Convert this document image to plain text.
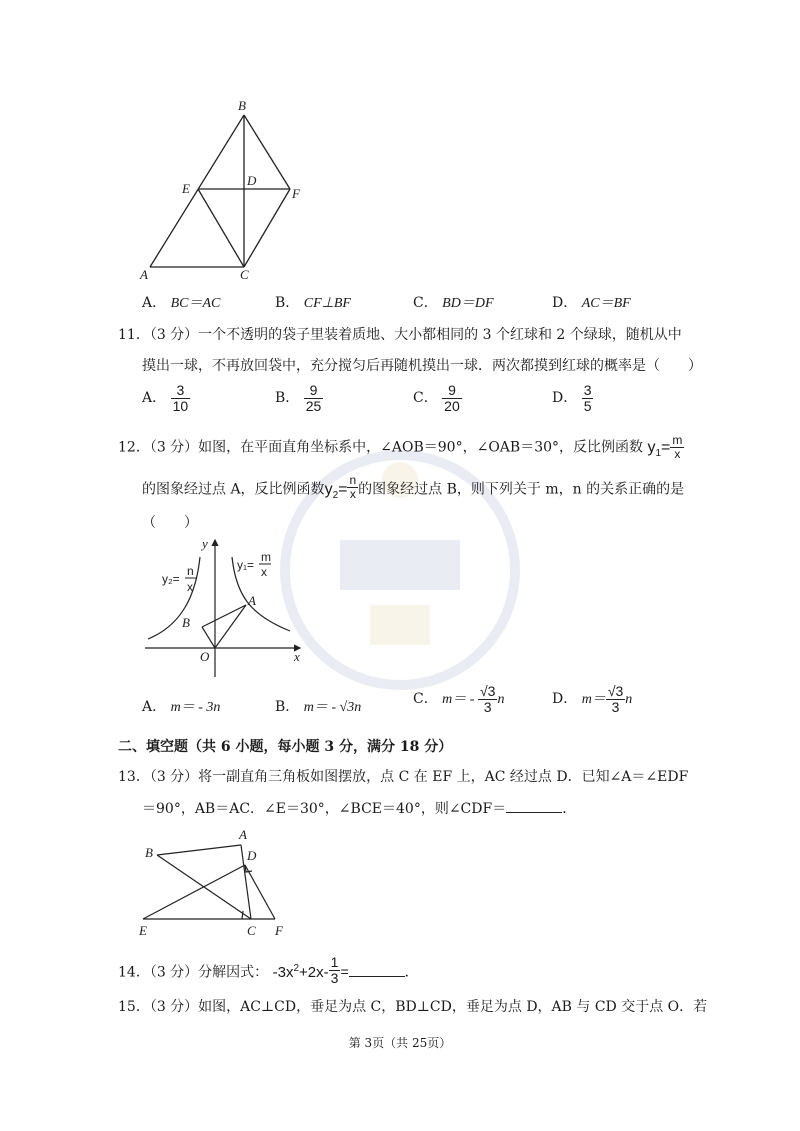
B
D
E	F
A	C
A． BC＝AC	B． CF⊥BF	C． BD＝DF	D． AC＝BF
11．（3 分）一个不透明的袋子里装着质地、大小都相同的 3 个红球和 2 个绿球，随机从中
摸出一球，不再放回袋中，充分搅匀后再随机摸出一球．两次都摸到红球的概率是（　　）
A． $\frac{3}{10}$	B． $\frac{9}{25}$	C． $\frac{9}{20}$	D． $\frac{3}{5}$
12．（3 分）如图，在平面直角坐标系中，∠AOB＝90°，∠OAB＝30°，反比例函数 $y_1= \frac{m}{x}$
的图象经过点 A，反比例函数$y_2= \frac{n}{x}$ 的图象经过点 B，则下列关于 m，n 的关系正确的是
（　　）
y
x
O
A
B
y₁=
m
x
y₂=
n
x
A． m＝ - 3n	B． m＝ - √3n
C． $m= - \frac{√3}{3}$ n	D． $m= \frac{√3}{3}$ n
二、填空题（共 6 小题，每小题 3 分，满分 18 分）
13．（3 分）将一副直角三角板如图摆放，点 C 在 EF 上，AC 经过点 D．已知∠A＝∠EDF
＝90°，AB＝AC．∠E＝30°，∠BCE＝40°，则∠CDF＝	．
A
B	D
E	C F
14．（3 分）分解因式： $-3x^2+2x- \frac{1}{3}$ =	．
15．（3 分）如图，AC⊥CD，垂足为点 C，BD⊥CD，垂足为点 D，AB 与 CD 交于点 O．若
第 3页（共 25页）
